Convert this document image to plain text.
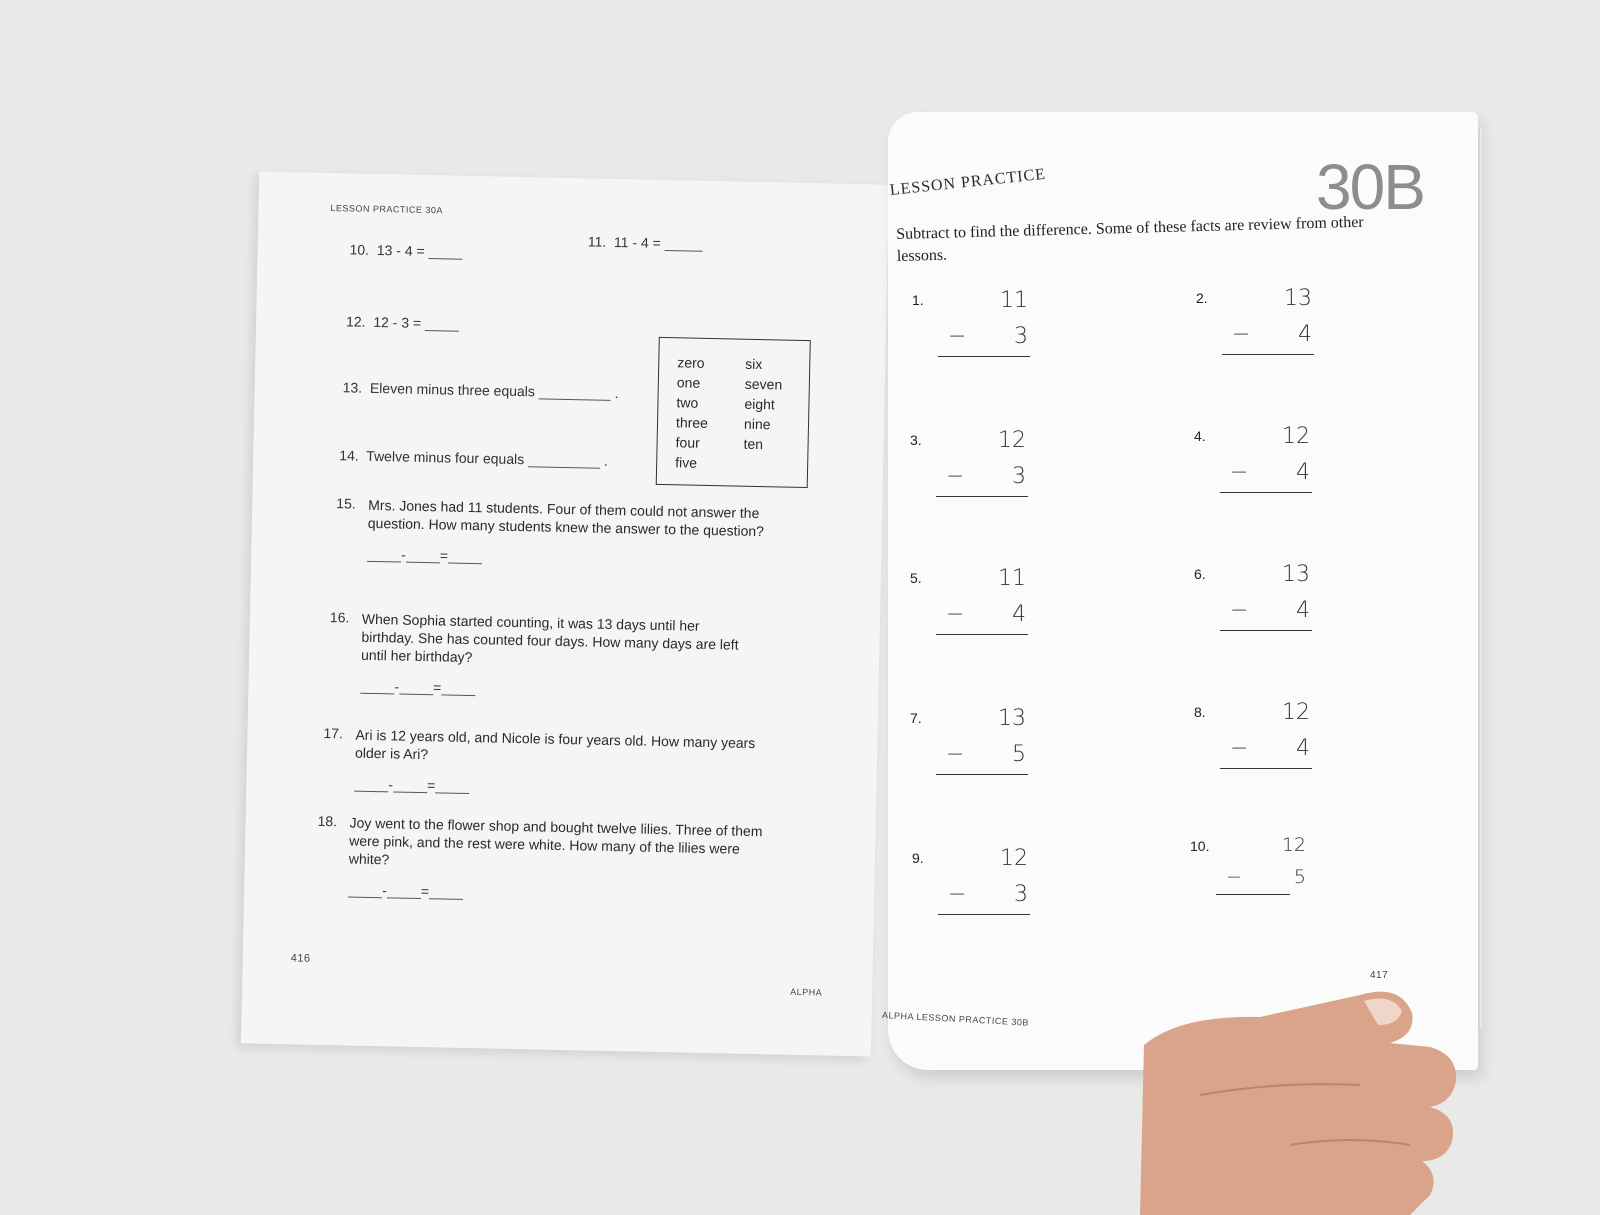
LESSON PRACTICE 30A
10. 13 - 4 =
11. 11 - 4 =
12. 12 - 3 =
13. Eleven minus three equals	.
14. Twelve minus four equals	.
zero
one
two
three
four
five
six
seven
eight
nine
ten
15. Mrs. Jones had 11 students. Four of them could not answer the question. How many students knew the answer to the question?
- =
16. When Sophia started counting, it was 13 days until her birthday. She has counted four days. How many days are left until her birthday?
- =
17. Ari is 12 years old, and Nicole is four years old. How many years older is Ari?
- =
18. Joy went to the flower shop and bought twelve lilies. Three of them were pink, and the rest were white. How many of the lilies were white?
- =
416
ALPHA
LESSON PRACTICE	30B
Subtract to find the difference. Some of these facts are review from other lessons.
1.	11
− 3
2.	13
− 4
3.	12
− 3
4.	12
− 4
5.	11
− 4
6.	13
− 4
7.	13
− 5
8.	12
− 4
9.	12
− 3
10.	12
−	5
417
ALPHA LESSON PRACTICE 30B
